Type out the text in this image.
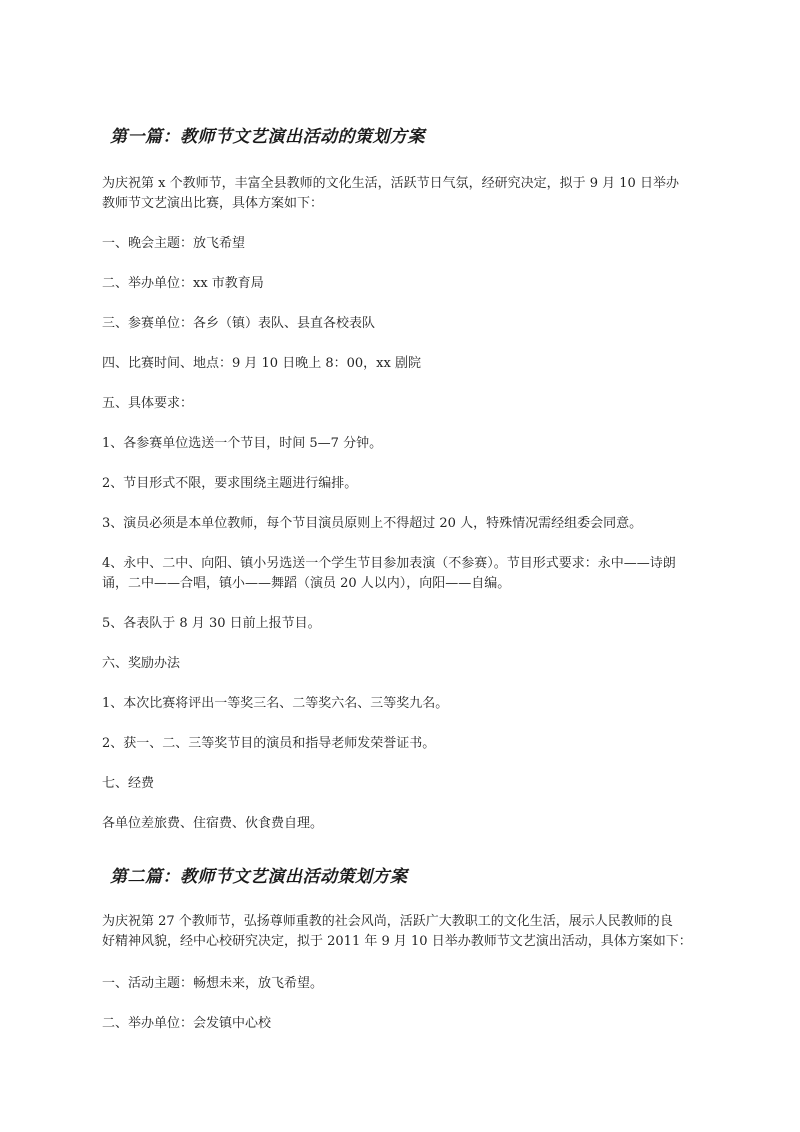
第一篇：教师节文艺演出活动的策划方案
为庆祝第 x 个教师节，丰富全县教师的文化生活，活跃节日气氛，经研究决定，拟于 9 月 10 日举办
教师节文艺演出比赛，具体方案如下：
一、晚会主题：放飞希望
二、举办单位：xx 市教育局
三、参赛单位：各乡（镇）表队、县直各校表队
四、比赛时间、地点：9 月 10 日晚上 8：00，xx 剧院
五、具体要求：
1、各参赛单位选送一个节目，时间 5—7 分钟。
2、节目形式不限，要求围绕主题进行编排。
3、演员必须是本单位教师，每个节目演员原则上不得超过 20 人，特殊情况需经组委会同意。
4、永中、二中、向阳、镇小另选送一个学生节目参加表演（不参赛）。节目形式要求：永中——诗朗
诵，二中——合唱，镇小——舞蹈（演员 20 人以内），向阳——自编。
5、各表队于 8 月 30 日前上报节目。
六、奖励办法
1、本次比赛将评出一等奖三名、二等奖六名、三等奖九名。
2、获一、二、三等奖节目的演员和指导老师发荣誉证书。
七、经费
各单位差旅费、住宿费、伙食费自理。
第二篇：教师节文艺演出活动策划方案
为庆祝第 27 个教师节，弘扬尊师重教的社会风尚，活跃广大教职工的文化生活，展示人民教师的良
好精神风貌，经中心校研究决定，拟于 2011 年 9 月 10 日举办教师节文艺演出活动，具体方案如下：
一、活动主题：畅想未来，放飞希望。
二、举办单位：会发镇中心校
